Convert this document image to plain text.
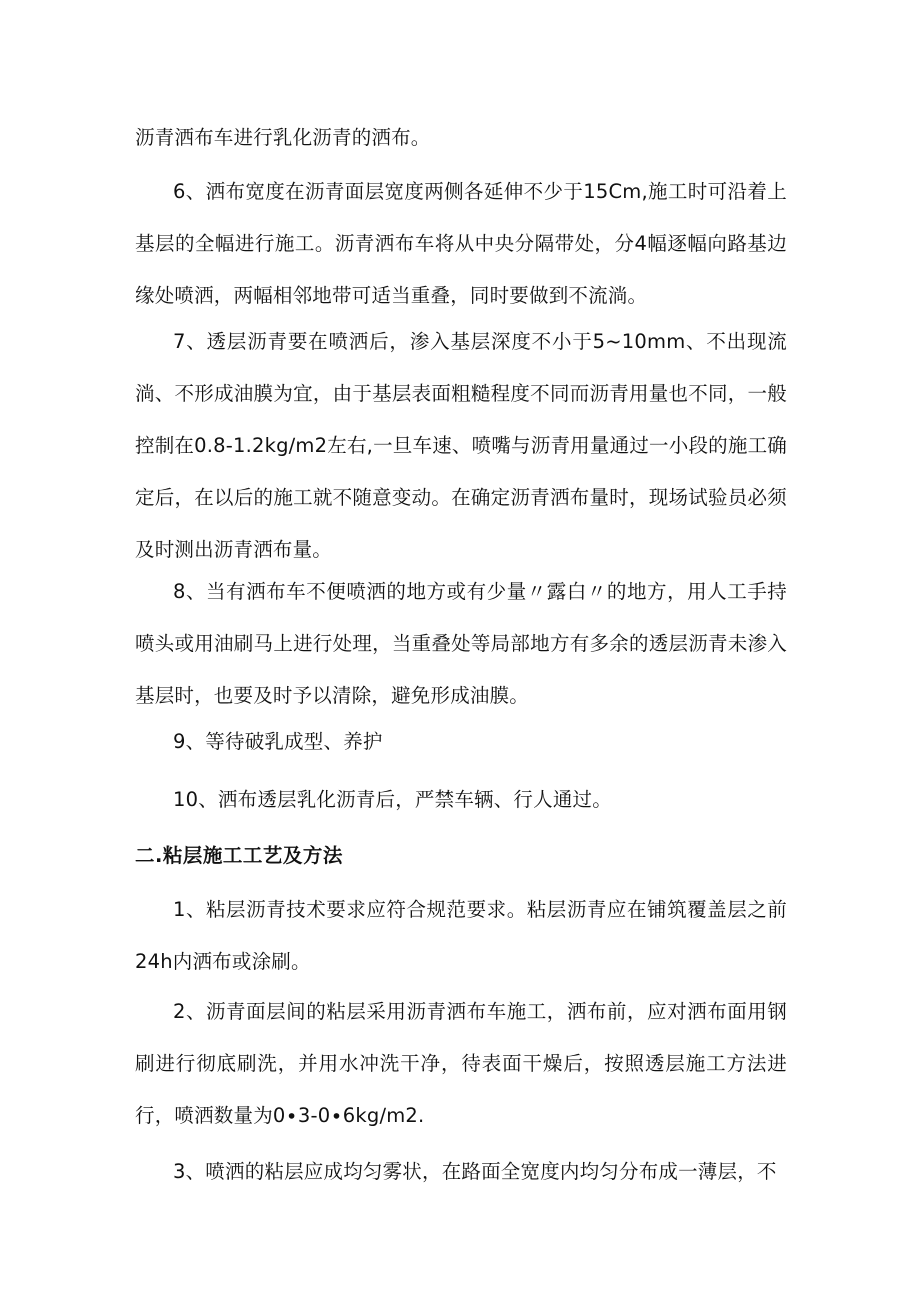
沥青洒布车进行乳化沥青的洒布。

6、洒布宽度在沥青面层宽度两侧各延伸不少于15Cm,施工时可沿着上基层的全幅进行施工。沥青洒布车将从中央分隔带处，分4幅逐幅向路基边缘处喷洒，两幅相邻地带可适当重叠，同时要做到不流淌。

7、透层沥青要在喷洒后，渗入基层深度不小于5~10mm、不出现流淌、不形成油膜为宜，由于基层表面粗糙程度不同而沥青用量也不同，一般控制在0.8-1.2kg∕m2左右,一旦车速、喷嘴与沥青用量通过一小段的施工确定后，在以后的施工就不随意变动。在确定沥青洒布量时，现场试验员必须及时测出沥青洒布量。

8、当有洒布车不便喷洒的地方或有少量〃露白〃的地方，用人工手持喷头或用油刷马上进行处理，当重叠处等局部地方有多余的透层沥青未渗入基层时，也要及时予以清除，避免形成油膜。

9、等待破乳成型、养护

10、洒布透层乳化沥青后，严禁车辆、行人通过。

二.粘层施工工艺及方法

1、粘层沥青技术要求应符合规范要求。粘层沥青应在铺筑覆盖层之前24h内洒布或涂刷。

2、沥青面层间的粘层采用沥青洒布车施工，洒布前，应对洒布面用钢刷进行彻底刷洗，并用水冲洗干净，待表面干燥后，按照透层施工方法进行，喷洒数量为0∙3-0∙6kg∕m2.

3、喷洒的粘层应成均匀雾状，在路面全宽度内均匀分布成一薄层，不
